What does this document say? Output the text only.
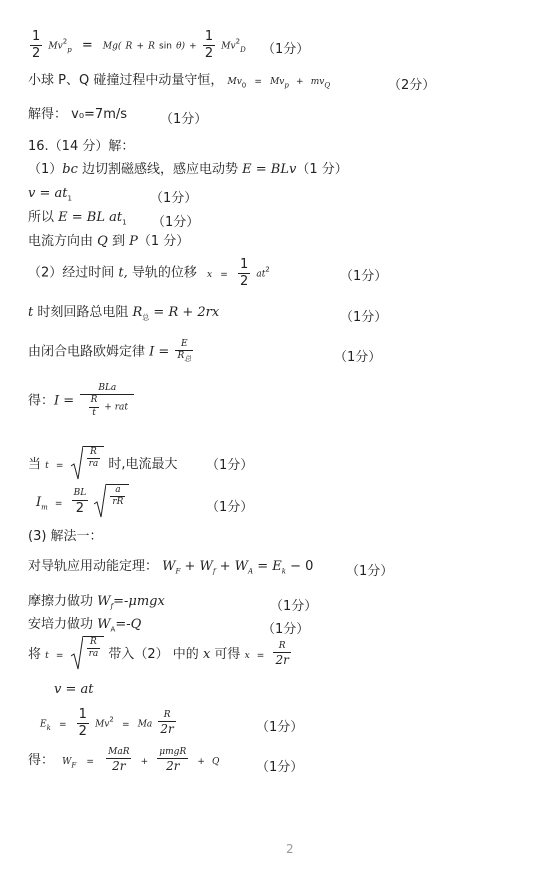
$\frac{1}{2} Mv^2_p = Mg$( R + R $\sin \theta) + \frac{1}{2} Mv^2_D$ （1分）
小球 P、Q 碰撞过程中动量守恒， $Mv_0 = Mv_p + mv_Q$	（2分）
解得： v₀=7m/s	（1分）
16.（14 分）解：
（1）bc 边切割磁感线，感应电动势 E = BLv（1 分）
$v = at_1$	（1分）
所以 E = BL $at_1$ （1分）
电流方向由 Q 到 P（1 分）
（2）经过时间 t, 导轨的位移 $x = \frac{1}{2} at^2$	（1分）
t 时刻回路总电阻 $R_总 = R + 2rx$	（1分）
由闭合电路欧姆定律 $I = \frac{E}{R_总}$	（1分）
得：$I = \frac{\text{BLa}}{\frac{R}{t} + rat}$
当 t =	$\frac{R}{ra}$ 时,电流最大 （1分）
$I_m = \frac{BL}{2}$
$\frac{a}{rR}$	（1分）
(3) 解法一：
对导轨应用动能定理： $W_F + W_f + W_A = E_k - 0$	（1分）
摩擦力做功 $W_f=$-μmgx	（1分）
安培力做功 $W_A=-Q$	（1分）
将 t =	$\frac{R}{ra}$ 带入（2） 中的 x 可得 $x = \frac{R}{2r}$
v = at
$E_k = \frac{1}{2} Mv^2 = Ma \frac{R}{2r}$	（1分）
得： $W_F = \frac{\text{MaR}}{2r} + \frac{\text{μmgR}}{2r} + Q$	（1分）
2
